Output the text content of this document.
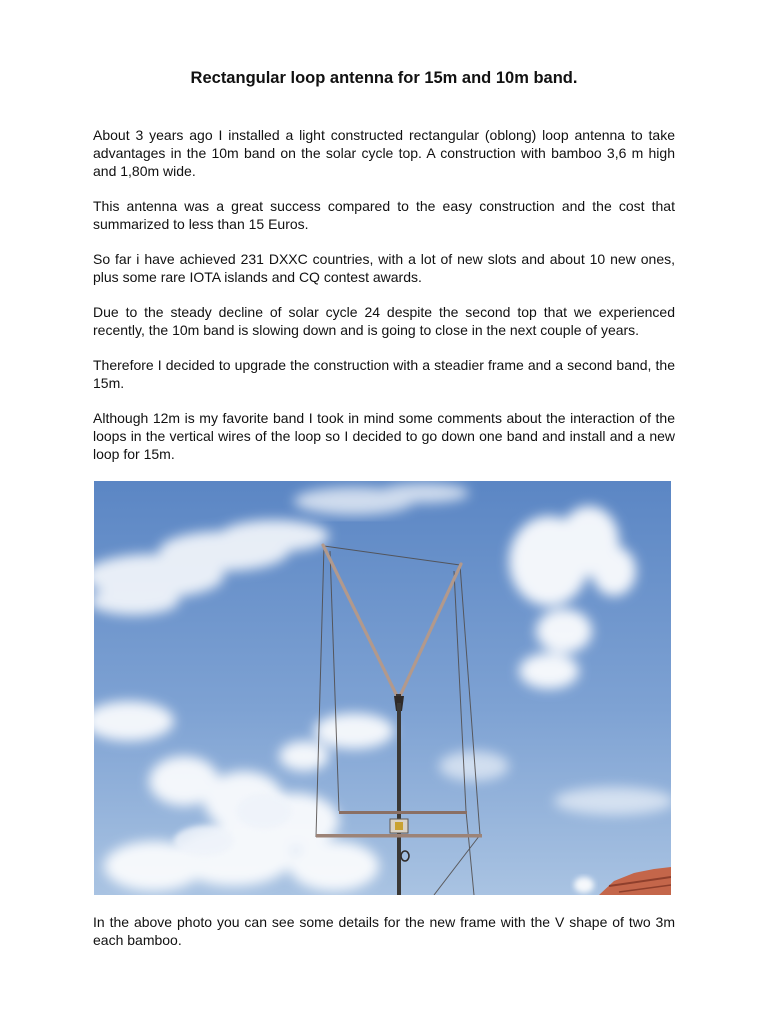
Rectangular loop antenna for 15m and 10m band.

About 3 years ago I installed a light constructed rectangular (oblong) loop antenna to take advantages in the 10m band on the solar cycle top. A construction with bamboo 3,6 m high and 1,80m wide.

This antenna was a great success compared to the easy construction and the cost that summarized to less than 15 Euros.

So far i have achieved 231 DXXC countries, with a lot of new slots and about 10 new ones, plus some rare IOTA islands and CQ contest awards.

Due to the steady decline of solar cycle 24 despite the second top that we experienced recently, the 10m band is slowing down and is going to close in the next couple of years.

Therefore I decided to upgrade the construction with a steadier frame and a second band, the 15m.

Although 12m is my favorite band I took in mind some comments about the interaction of the loops in the vertical wires of the loop so I decided to go down one band and install and a new loop for 15m.

In the above photo you can see some details for the new frame with the V shape of two 3m each bamboo.
